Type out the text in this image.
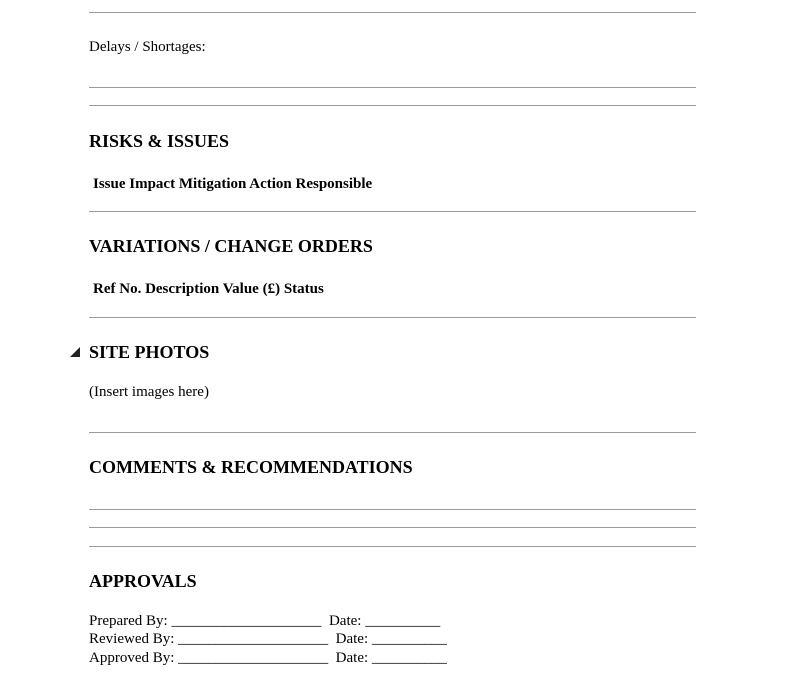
Delays / Shortages:
RISKS & ISSUES
Issue Impact Mitigation Action Responsible
VARIATIONS / CHANGE ORDERS
Ref No. Description Value (£) Status
SITE PHOTOS
(Insert images here)
COMMENTS & RECOMMENDATIONS
APPROVALS
Prepared By: ____________________  Date: __________
Reviewed By: ____________________  Date: __________
Approved By: ____________________  Date: __________
